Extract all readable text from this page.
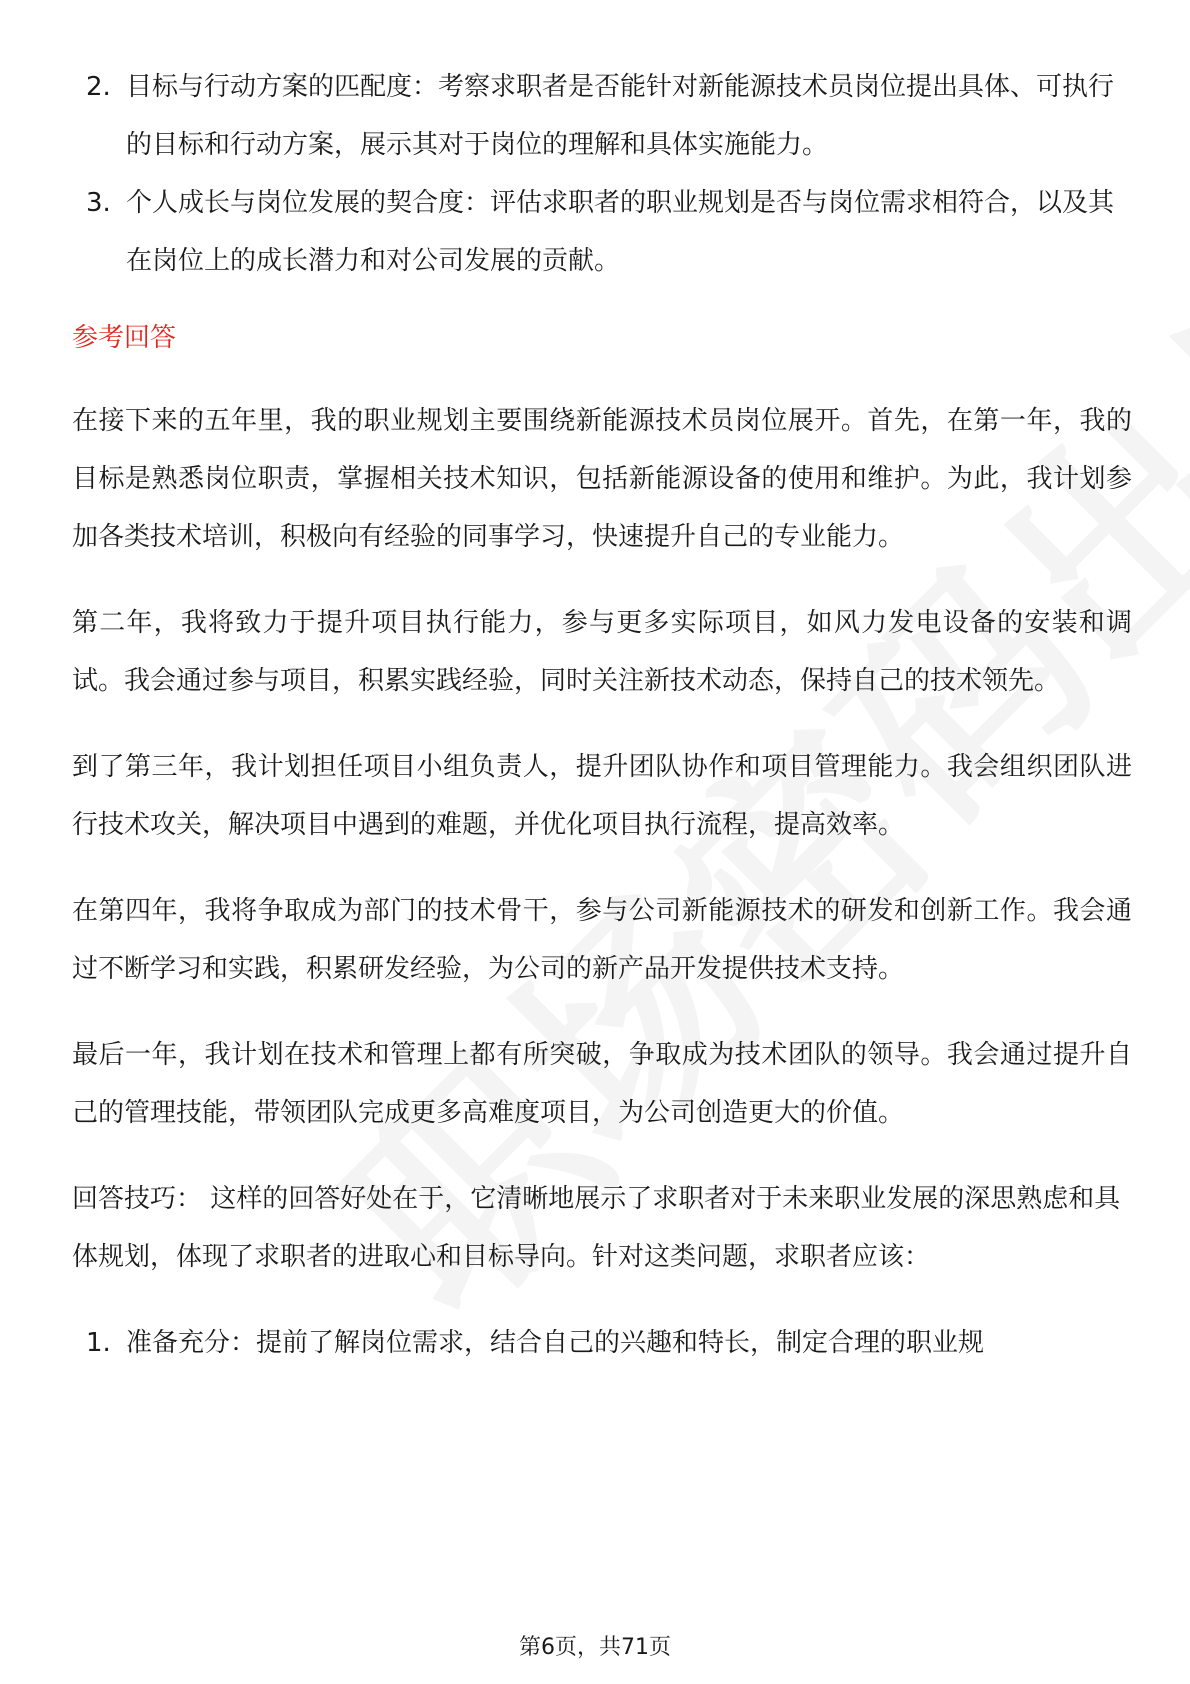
2. 目标与行动方案的匹配度：考察求职者是否能针对新能源技术员岗位提出具体、可执行的目标和行动方案，展示其对于岗位的理解和具体实施能力。
3. 个人成长与岗位发展的契合度：评估求职者的职业规划是否与岗位需求相符合，以及其在岗位上的成长潜力和对公司发展的贡献。
参考回答

在接下来的五年里，我的职业规划主要围绕新能源技术员岗位展开。首先，在第一年，我的目标是熟悉岗位职责，掌握相关技术知识，包括新能源设备的使用和维护。为此，我计划参加各类技术培训，积极向有经验的同事学习，快速提升自己的专业能力。

第二年，我将致力于提升项目执行能力，参与更多实际项目，如风力发电设备的安装和调试。我会通过参与项目，积累实践经验，同时关注新技术动态，保持自己的技术领先。

到了第三年，我计划担任项目小组负责人，提升团队协作和项目管理能力。我会组织团队进行技术攻关，解决项目中遇到的难题，并优化项目执行流程，提高效率。

在第四年，我将争取成为部门的技术骨干，参与公司新能源技术的研发和创新工作。我会通过不断学习和实践，积累研发经验，为公司的新产品开发提供技术支持。

最后一年，我计划在技术和管理上都有所突破，争取成为技术团队的领导。我会通过提升自己的管理技能，带领团队完成更多高难度项目，为公司创造更大的价值。

回答技巧： 这样的回答好处在于，它清晰地展示了求职者对于未来职业发展的深思熟虑和具体规划，体现了求职者的进取心和目标导向。针对这类问题，求职者应该：

1. 准备充分：提前了解岗位需求，结合自己的兴趣和特长，制定合理的职业规
第6页，共71页
